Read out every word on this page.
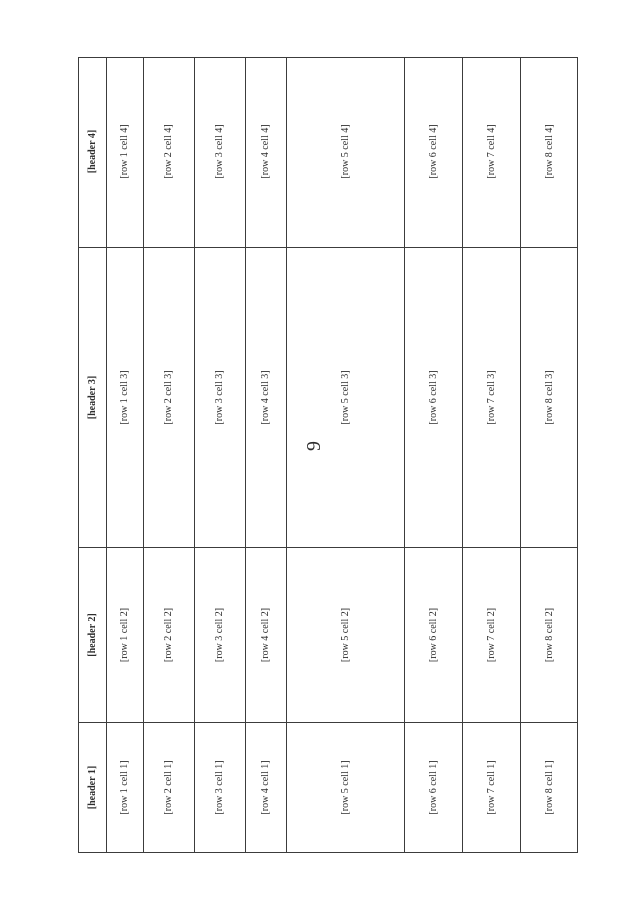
9
[header 1]
[header 2]
[header 3]
[header 4]
[row 1 cell 1]
[row 1 cell 2]
[row 1 cell 3]
[row 1 cell 4]
[row 2 cell 1]
[row 2 cell 2]
[row 2 cell 3]
[row 2 cell 4]
[row 3 cell 1]
[row 3 cell 2]
[row 3 cell 3]
[row 3 cell 4]
[row 4 cell 1]
[row 4 cell 2]
[row 4 cell 3]
[row 4 cell 4]
[row 5 cell 1]
[row 5 cell 2]
[row 5 cell 3]
[row 5 cell 4]
[row 6 cell 1]
[row 6 cell 2]
[row 6 cell 3]
[row 6 cell 4]
[row 7 cell 1]
[row 7 cell 2]
[row 7 cell 3]
[row 7 cell 4]
[row 8 cell 1]
[row 8 cell 2]
[row 8 cell 3]
[row 8 cell 4]
